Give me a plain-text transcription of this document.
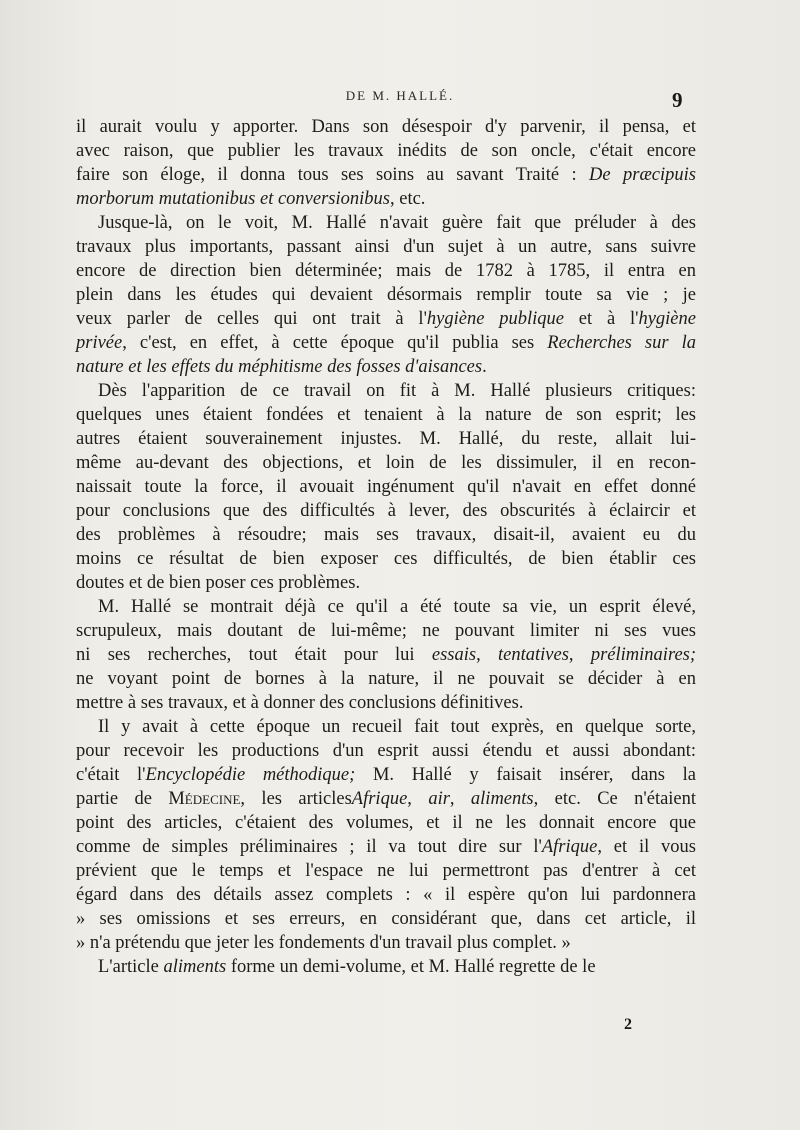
DE M. HALLÉ.	9
il aurait voulu y apporter. Dans son désespoir d'y parvenir, il pensa, et
avec raison, que publier les travaux inédits de son oncle, c'était encore
faire son éloge, il donna tous ses soins au savant Traité : De præcipuis
morborum mutationibus et conversionibus, etc.
Jusque-là, on le voit, M. Hallé n'avait guère fait que préluder à des
travaux plus importants, passant ainsi d'un sujet à un autre, sans suivre
encore de direction bien déterminée; mais de 1782 à 1785, il entra en
plein dans les études qui devaient désormais remplir toute sa vie ; je
veux parler de celles qui ont trait à l'hygiène publique et à l'hygiène
privée, c'est, en effet, à cette époque qu'il publia ses Recherches sur la
nature et les effets du méphitisme des fosses d'aisances.
Dès l'apparition de ce travail on fit à M. Hallé plusieurs critiques:
quelques unes étaient fondées et tenaient à la nature de son esprit; les
autres étaient souverainement injustes. M. Hallé, du reste, allait lui-
même au-devant des objections, et loin de les dissimuler, il en recon-
naissait toute la force, il avouait ingénument qu'il n'avait en effet donné
pour conclusions que des difficultés à lever, des obscurités à éclaircir et
des problèmes à résoudre; mais ses travaux, disait-il, avaient eu du
moins ce résultat de bien exposer ces difficultés, de bien établir ces
doutes et de bien poser ces problèmes.
M. Hallé se montrait déjà ce qu'il a été toute sa vie, un esprit élevé,
scrupuleux, mais doutant de lui-même; ne pouvant limiter ni ses vues
ni ses recherches, tout était pour lui essais, tentatives, préliminaires;
ne voyant point de bornes à la nature, il ne pouvait se décider à en
mettre à ses travaux, et à donner des conclusions définitives.
Il y avait à cette époque un recueil fait tout exprès, en quelque sorte,
pour recevoir les productions d'un esprit aussi étendu et aussi abondant:
c'était l'Encyclopédie méthodique; M. Hallé y faisait insérer, dans la
partie de Médecine, les articlesAfrique, air, aliments, etc. Ce n'étaient
point des articles, c'étaient des volumes, et il ne les donnait encore que
comme de simples préliminaires ; il va tout dire sur l'Afrique, et il vous
prévient que le temps et l'espace ne lui permettront pas d'entrer à cet
égard dans des détails assez complets : « il espère qu'on lui pardonnera
» ses omissions et ses erreurs, en considérant que, dans cet article, il
» n'a prétendu que jeter les fondements d'un travail plus complet. »
L'article aliments forme un demi-volume, et M. Hallé regrette de le
2
